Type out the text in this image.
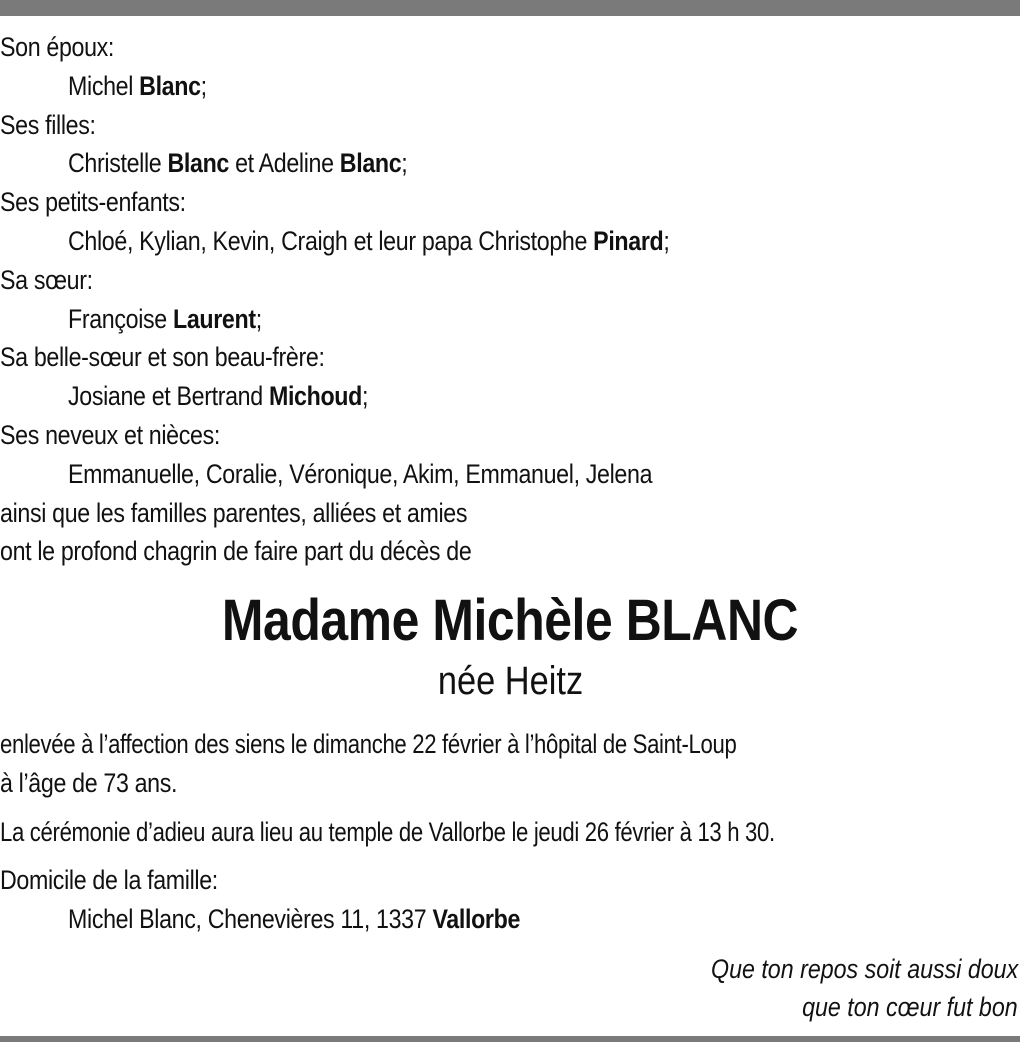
Son époux:
Michel Blanc;
Ses filles:
Christelle Blanc et Adeline Blanc;
Ses petits-enfants:
Chloé, Kylian, Kevin, Craigh et leur papa Christophe Pinard;
Sa sœur:
Françoise Laurent;
Sa belle-sœur et son beau-frère:
Josiane et Bertrand Michoud;
Ses neveux et nièces:
Emmanuelle, Coralie, Véronique, Akim, Emmanuel, Jelena
ainsi que les familles parentes, alliées et amies
ont le profond chagrin de faire part du décès de
Madame Michèle BLANC
née Heitz
enlevée à l’affection des siens le dimanche 22 février à l’hôpital de Saint-Loup
à l’âge de 73 ans.
La cérémonie d’adieu aura lieu au temple de Vallorbe le jeudi 26 février à 13 h 30.
Domicile de la famille:
Michel Blanc, Chenevières 11, 1337 Vallorbe
Que ton repos soit aussi doux
que ton cœur fut bon
